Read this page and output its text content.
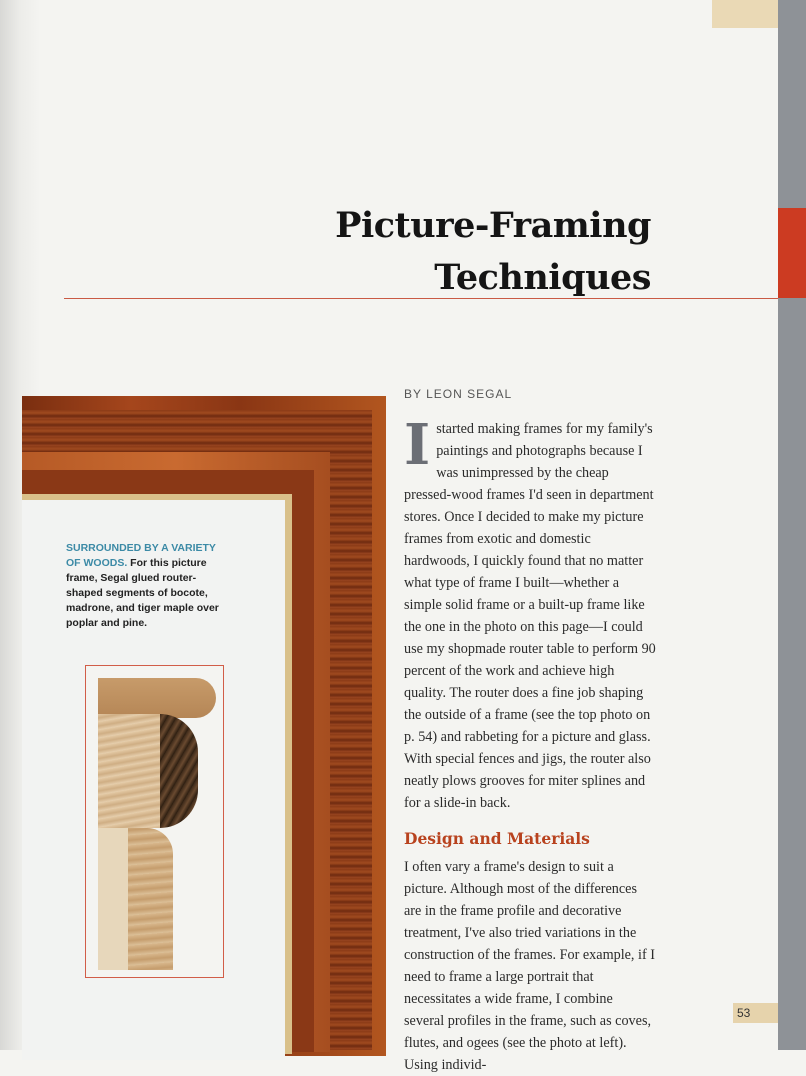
Picture-Framing
Techniques
SURROUNDED BY A VARIETY OF WOODS. For this picture frame, Segal glued router-shaped segments of bocote, madrone, and tiger maple over poplar and pine.
BY LEON SEGAL

Istarted making frames for my family's paintings and photographs because I was unimpressed by the cheap pressed-wood frames I'd seen in department stores. Once I decided to make my picture frames from exotic and domestic hardwoods, I quickly found that no matter what type of frame I built—whether a simple solid frame or a built-up frame like the one in the photo on this page—I could use my shopmade router table to perform 90 percent of the work and achieve high quality. The router does a fine job shaping the outside of a frame (see the top photo on p. 54) and rabbeting for a picture and glass. With special fences and jigs, the router also neatly plows grooves for miter splines and for a slide-in back.

Design and Materials

I often vary a frame's design to suit a picture. Although most of the differences are in the frame profile and decorative treatment, I've also tried variations in the construction of the frames. For example, if I need to frame a large portrait that necessitates a wide frame, I combine several profiles in the frame, such as coves, flutes, and ogees (see the photo at left). Using individ-

53
